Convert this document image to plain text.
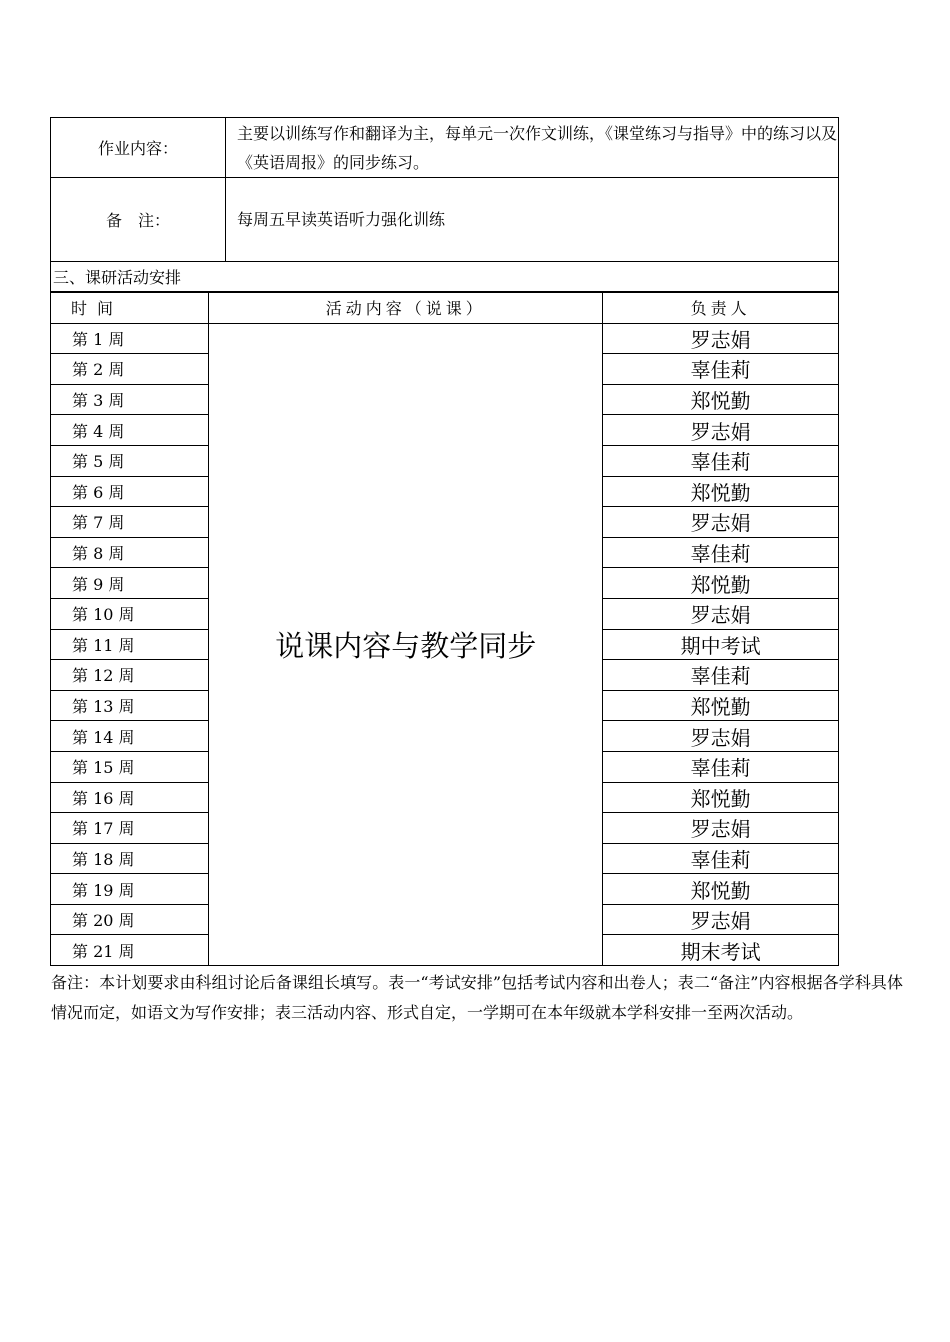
作业内容：	主要以训练写作和翻译为主，每单元一次作文训练，《课堂练习与指导》中的练习以及《英语周报》的同步练习。
备　注：	每周五早读英语听力强化训练
三、课研活动安排
时间	活动内容（说课）	负责人
第 1 周	说课内容与教学同步	罗志娟
第 2 周		辜佳莉
第 3 周		郑悦勤
第 4 周		罗志娟
第 5 周		辜佳莉
第 6 周		郑悦勤
第 7 周		罗志娟
第 8 周		辜佳莉
第 9 周		郑悦勤
第 10 周		罗志娟
第 11 周		期中考试
第 12 周		辜佳莉
第 13 周		郑悦勤
第 14 周		罗志娟
第 15 周		辜佳莉
第 16 周		郑悦勤
第 17 周		罗志娟
第 18 周		辜佳莉
第 19 周		郑悦勤
第 20 周		罗志娟
第 21 周		期末考试
备注：本计划要求由科组讨论后备课组长填写。表一“考试安排”包括考试内容和出卷人；表二“备注”内容根据各学科具体情况而定，如语文为写作安排；表三活动内容、形式自定，一学期可在本年级就本学科安排一至两次活动。
